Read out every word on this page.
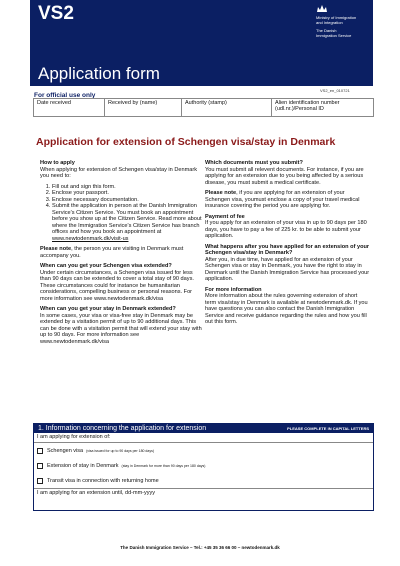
VS2	Ministry of Immigration
and Integration
The Danish
Immigration Service
Application form
VS2_en_010721
For official use only
Date received	Received by (name)	Authority (stamp)	Alien identification number (udl.nr.)/Personal ID
Application for extension of Schengen visa/stay in Denmark
How to apply

When applying for extension of Schengen visa/stay in Denmark you need to:

1. Fill out and sign this form.
2. Enclose your passport.
3. Enclose necessary documentation.
4. Submit the application in person at the Danish Immigration Service's Citizen Service. You must book an appointment before you show up at the Citizen Service. Read more about where the Immigration Service's Citizen Service has branch offices and how you book an appointment at www.newtodenmark.dk/visit-us

Please note, the person you are visiting in Denmark must accompany you.

When can you get your Schengen visa extended?

Under certain circumstances, a Schengen visa issued for less than 90 days can be extended to cover a total stay of 90 days. These circumstances could for instance be humanitarian considerations, compelling business or personal reasons. For more information see www.newtodenmark.dk/visa

When can you get your stay in Denmark extended?

In some cases, your visa or visa-free stay in Denmark may be extended by a visitation permit of up to 90 additional days. This can be done with a visitation permit that will extend your stay with up to 90 days. For more information see www.newtodenmark.dk/visa

Which documents must you submit?

You must submit all relevent documents. For instance, if you are applying for an extension due to you being affected by a serious disease, you must submit a medical certificate.

Please note, if you are applying for an extension of your Schengen visa, youmust enclose a copy of your travel medical insurance covering the period you are applying for.

Payment of fee

If you apply for an extension of your visa in up to 90 days per 180 days, you have to pay a fee of 225 kr. to be able to submit your application.

What happens after you have applied for an extension of your Schengen visa/stay in Denmark?

After you, in due time, have applied for an extension of your Schengen visa or stay in Denmark, you have the right to stay in Denmark until the Danish Immigration Service has processed your application.

For more information

More information about the rules governing extension of short term visa/stay in Denmark is available at newtodenmark.dk. If you have questions you can also contact the Danish Immigration Service and receive guidance regarding the rules and how you fill out this form.

1. Information concerning the application for extension	PLEASE COMPLETE IN CAPITAL LETTERS
I am applying for extension of:
Schengen visa (visa issued for up to 90 days per 180 days)
Extension of stay in Denmark (stay in Denmark for more than 90 days per 180 days)
Transit visa in connection with returning home
I am applying for an extension until, dd-mm-yyyy
The Danish Immigration Service – Tel.: +45 35 36 66 00 – newtodenmark.dk
